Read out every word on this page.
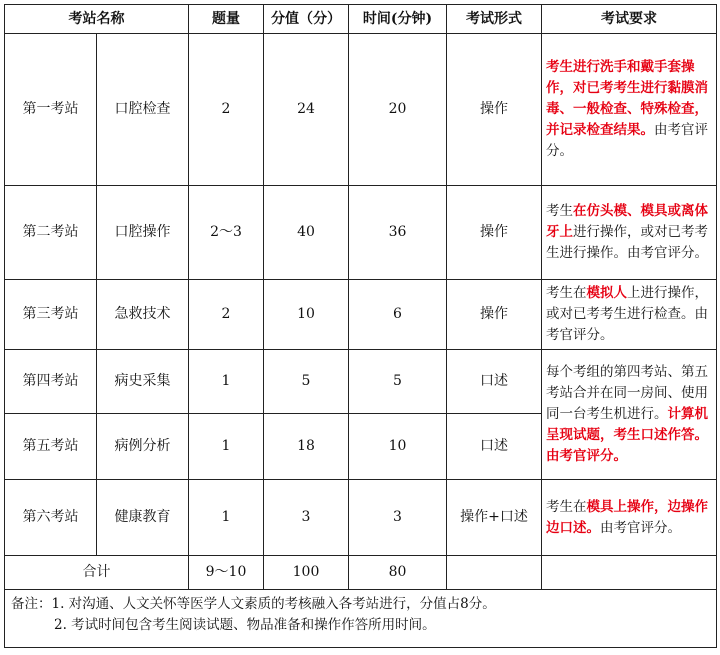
考站名称		题量	分值（分）	时间(分钟)	考试形式	考试要求
第一考站	口腔检查	2	24	20	操作	考生进行洗手和戴手套操作，对已考考生进行黏膜消毒、一般检查、特殊检查，并记录检查结果。由考官评分。
第二考站	口腔操作	2～3	40	36	操作	考生在仿头模、模具或离体牙上进行操作，或对已考考生进行操作。由考官评分。
第三考站	急救技术	2	10	6	操作	考生在模拟人上进行操作，或对已考考生进行检查。由考官评分。
第四考站	病史采集	1	5	5	口述	每个考组的第四考站、第五考站合并在同一房间、使用同一台考生机进行。计算机呈现试题，考生口述作答。由考官评分。
第五考站	病例分析	1	18	10	口述	
第六考站	健康教育	1	3	3	操作+口述	考生在模具上操作，边操作边口述。由考官评分。
合计		9～10	100	80		

备注：1. 对沟通、人文关怀等医学人文素质的考核融入各考站进行，分值占8分。
2. 考试时间包含考生阅读试题、物品准备和操作作答所用时间。						
